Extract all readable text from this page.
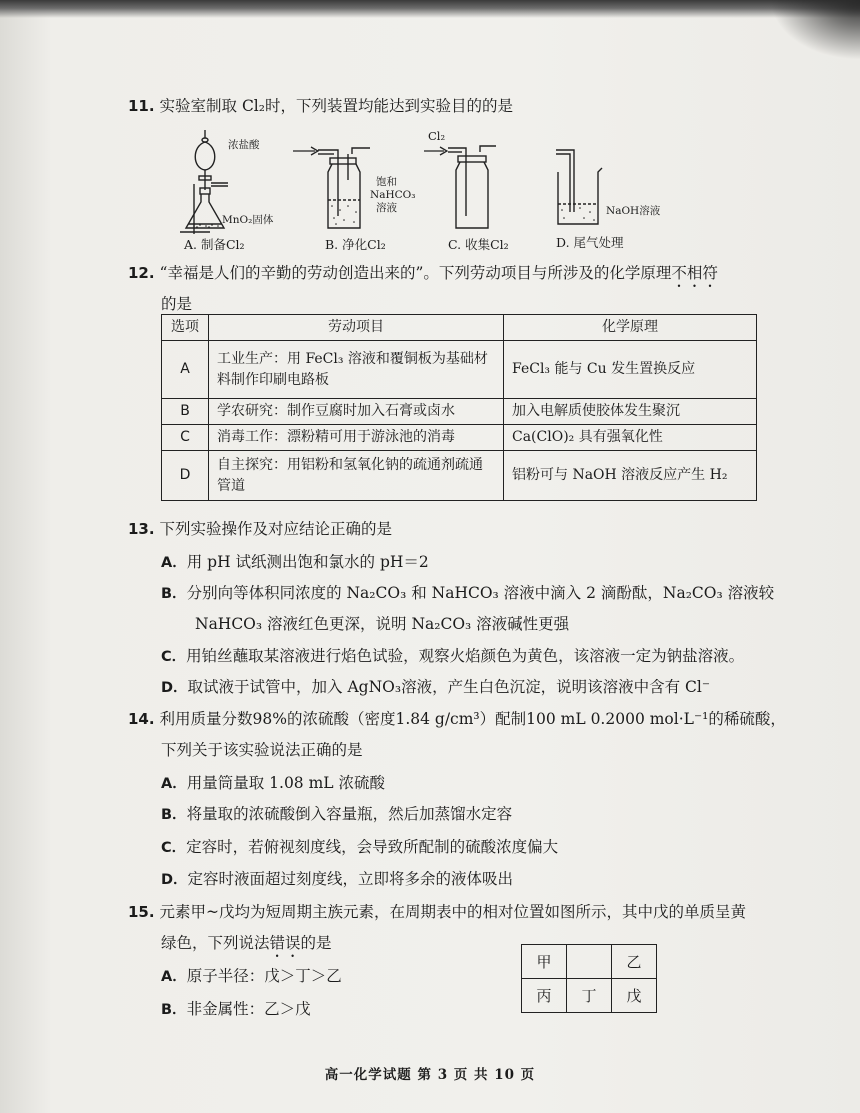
11. 实验室制取 Cl₂时，下列装置均能达到实验目的的是
浓盐酸
MnO₂固体
A. 制备Cl₂
饱和
NaHCO₃
溶液
B. 净化Cl₂
Cl₂
C. 收集Cl₂
NaOH溶液
D. 尾气处理
12. “幸福是人们的辛勤的劳动创造出来的”。下列劳动项目与所涉及的化学原理不相符
的是
选项	劳动项目	化学原理
A	工业生产：用 FeCl₃ 溶液和覆铜板为基础材料制作印刷电路板	FeCl₃ 能与 Cu 发生置换反应
B	学农研究：制作豆腐时加入石膏或卤水	加入电解质使胶体发生聚沉
C	消毒工作：漂粉精可用于游泳池的消毒	Ca(ClO)₂ 具有强氧化性
D	自主探究：用铝粉和氢氧化钠的疏通剂疏通管道	铝粉可与 NaOH 溶液反应产生 H₂
13. 下列实验操作及对应结论正确的是
A．用 pH 试纸测出饱和氯水的 pH＝2
B．分别向等体积同浓度的 Na₂CO₃ 和 NaHCO₃ 溶液中滴入 2 滴酚酞，Na₂CO₃ 溶液较
NaHCO₃ 溶液红色更深，说明 Na₂CO₃ 溶液碱性更强
C．用铂丝蘸取某溶液进行焰色试验，观察火焰颜色为黄色，该溶液一定为钠盐溶液。
D．取试液于试管中，加入 AgNO₃溶液，产生白色沉淀，说明该溶液中含有 Cl⁻
14. 利用质量分数98%的浓硫酸（密度1.84 g/cm³）配制100 mL 0.2000 mol·L⁻¹的稀硫酸，
下列关于该实验说法正确的是
A．用量筒量取 1.08 mL 浓硫酸
B．将量取的浓硫酸倒入容量瓶，然后加蒸馏水定容
C．定容时，若俯视刻度线，会导致所配制的硫酸浓度偏大
D．定容时液面超过刻度线，立即将多余的液体吸出
15. 元素甲~戊均为短周期主族元素，在周期表中的相对位置如图所示，其中戊的单质呈黄
绿色，下列说法错误的是
A．原子半径：戊＞丁＞乙
B．非金属性：乙＞戊
甲		乙
丙	丁	戊
高一化学试题 第 3 页 共 10 页
